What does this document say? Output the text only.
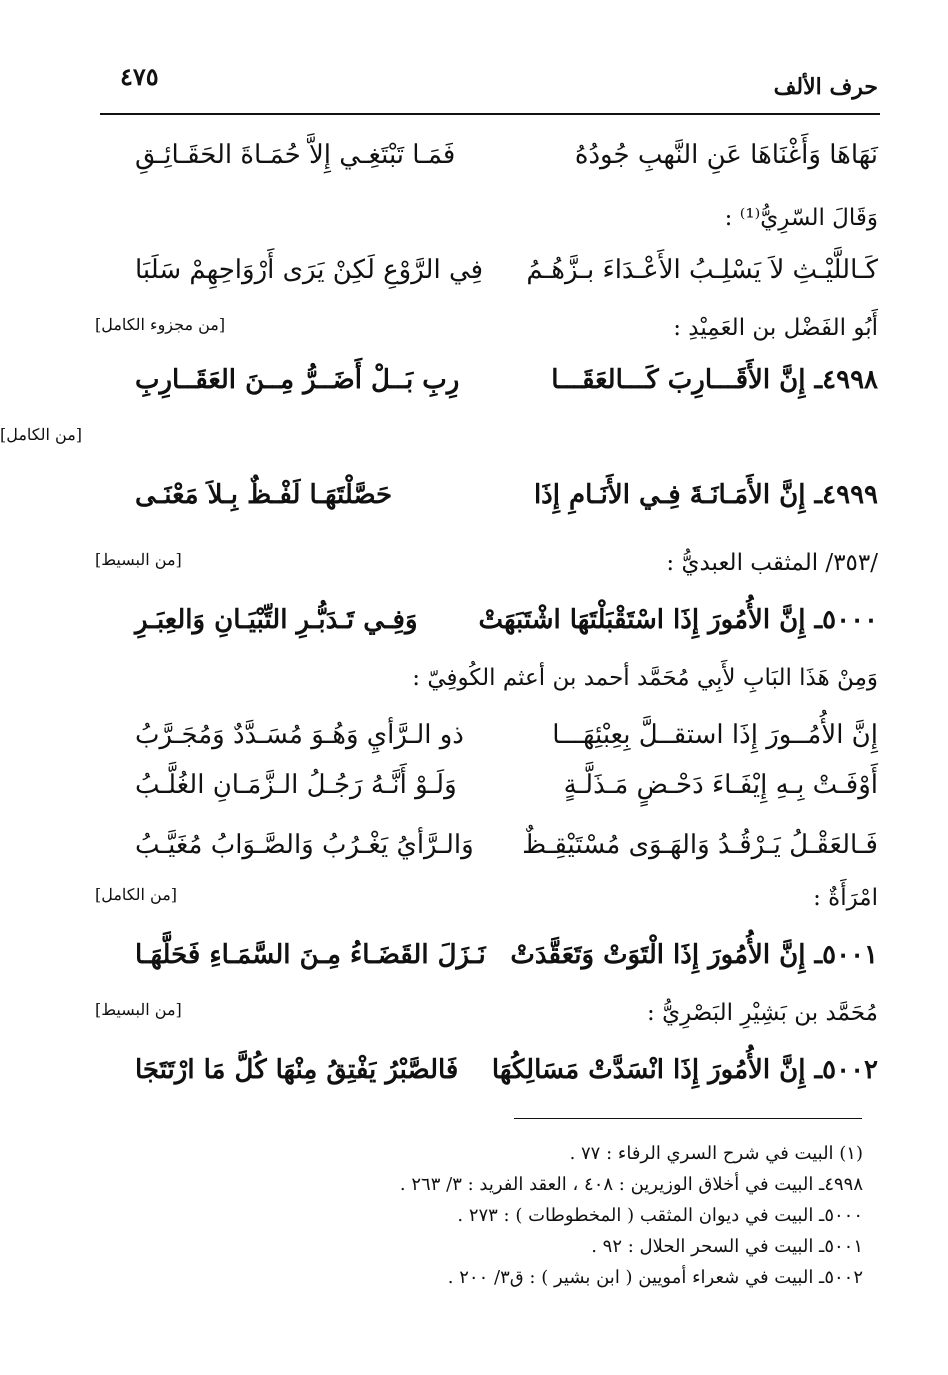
٤٧٥	حرف الألف
نَهَاهَا وَأَغْنَاهَا عَنِ النَّهبِ جُودُهُ
فَمَـا تَبْتَغِـي إِلاَّ حُمَـاةَ الحَقَـائِـقِ
وَقَالَ السّرِيُّ⁽¹⁾ :
كَـاللَّيْـثِ لاَ يَسْلِـبُ الأَعْـدَاءَ بـزَّهُـمُ
فِي الرَّوْعِ لَكِنْ يَرَى أَرْوَاحِهِمْ سَلَبَا
أَبُو الفَضْل بن العَمِيْدِ :
[من مجزوء الكامل]
٤٩٩٨ـ إِنَّ الأَقَـــارِبَ كَـــالعَقَـــا
رِبِ بَــلْ أَضَــرُّ مِــنَ العَقَــارِبِ
[من الكامل]
٤٩٩٩ـ إِنَّ الأَمَـانَـةَ فِـي الأَنَـامِ إِذَا
حَصَّلْتَهَـا لَفْـظٌ بِـلاَ مَعْنَـى
/٣٥٣/ المثقب العبديُّ :
[من البسيط]
٥٠٠٠ـ إِنَّ الأُمُورَ إِذَا اسْتَقْبَلْتَهَا اشْتَبَهَتْ
وَفِـي تَـدَبُّـرِ التِّبْيَـانِ وَالعِبَـرِ
وَمِنْ هَذَا البَابِ لأَبِي مُحَمَّد أحمد بن أعثم الكُوفِيّ :
إِنَّ الأُمُــورَ إِذَا استقــلَّ بِعِبْئِهَـــا
ذو الـرَّأيِ وَهُـوَ مُسَـدَّدٌ وَمُجَـرَّبُ
أَوْفَـتْ بِـهِ إِيْفَـاءَ دَحْـضٍ مَـذَلَّـةٍ
وَلَـوْ أَنَّـهُ رَجُـلُ الـزَّمَـانِ الغُلَّـبُ
فَـالعَقْـلُ يَـرْقُـدُ وَالهَـوَى مُسْتَيْقِـظٌ
وَالـرَّأيُ يَغْـرُبُ وَالصَّـوَابُ مُغَيَّـبُ
امْرَأَةٌ :
[من الكامل]
٥٠٠١ـ إِنَّ الأُمُورَ إِذَا الْتَوَتْ وَتَعَقَّدَتْ
نَـزَلَ القَضَـاءُ مِـنَ السَّمَـاءِ فَحَلَّهَـا
مُحَمَّد بن بَشِيْرِ البَصْرِيُّ :
[من البسيط]
٥٠٠٢ـ إِنَّ الأُمُورَ إِذَا انْسَدَّتْ مَسَالِكُهَا
فَالصَّبْرُ يَفْتِقُ مِنْهَا كُلَّ مَا ارْتَتَجَا
(١) البيت في شرح السري الرفاء : ٧٧ .
٤٩٩٨ـ البيت في أخلاق الوزيرين : ٤٠٨ ، العقد الفريد : ٣/ ٢٦٣ .
٥٠٠٠ـ البيت في ديوان المثقب ( المخطوطات ) : ٢٧٣ .
٥٠٠١ـ البيت في السحر الحلال : ٩٢ .
٥٠٠٢ـ البيت في شعراء أمويين ( ابن بشير ) : ق٣/ ٢٠٠ .
